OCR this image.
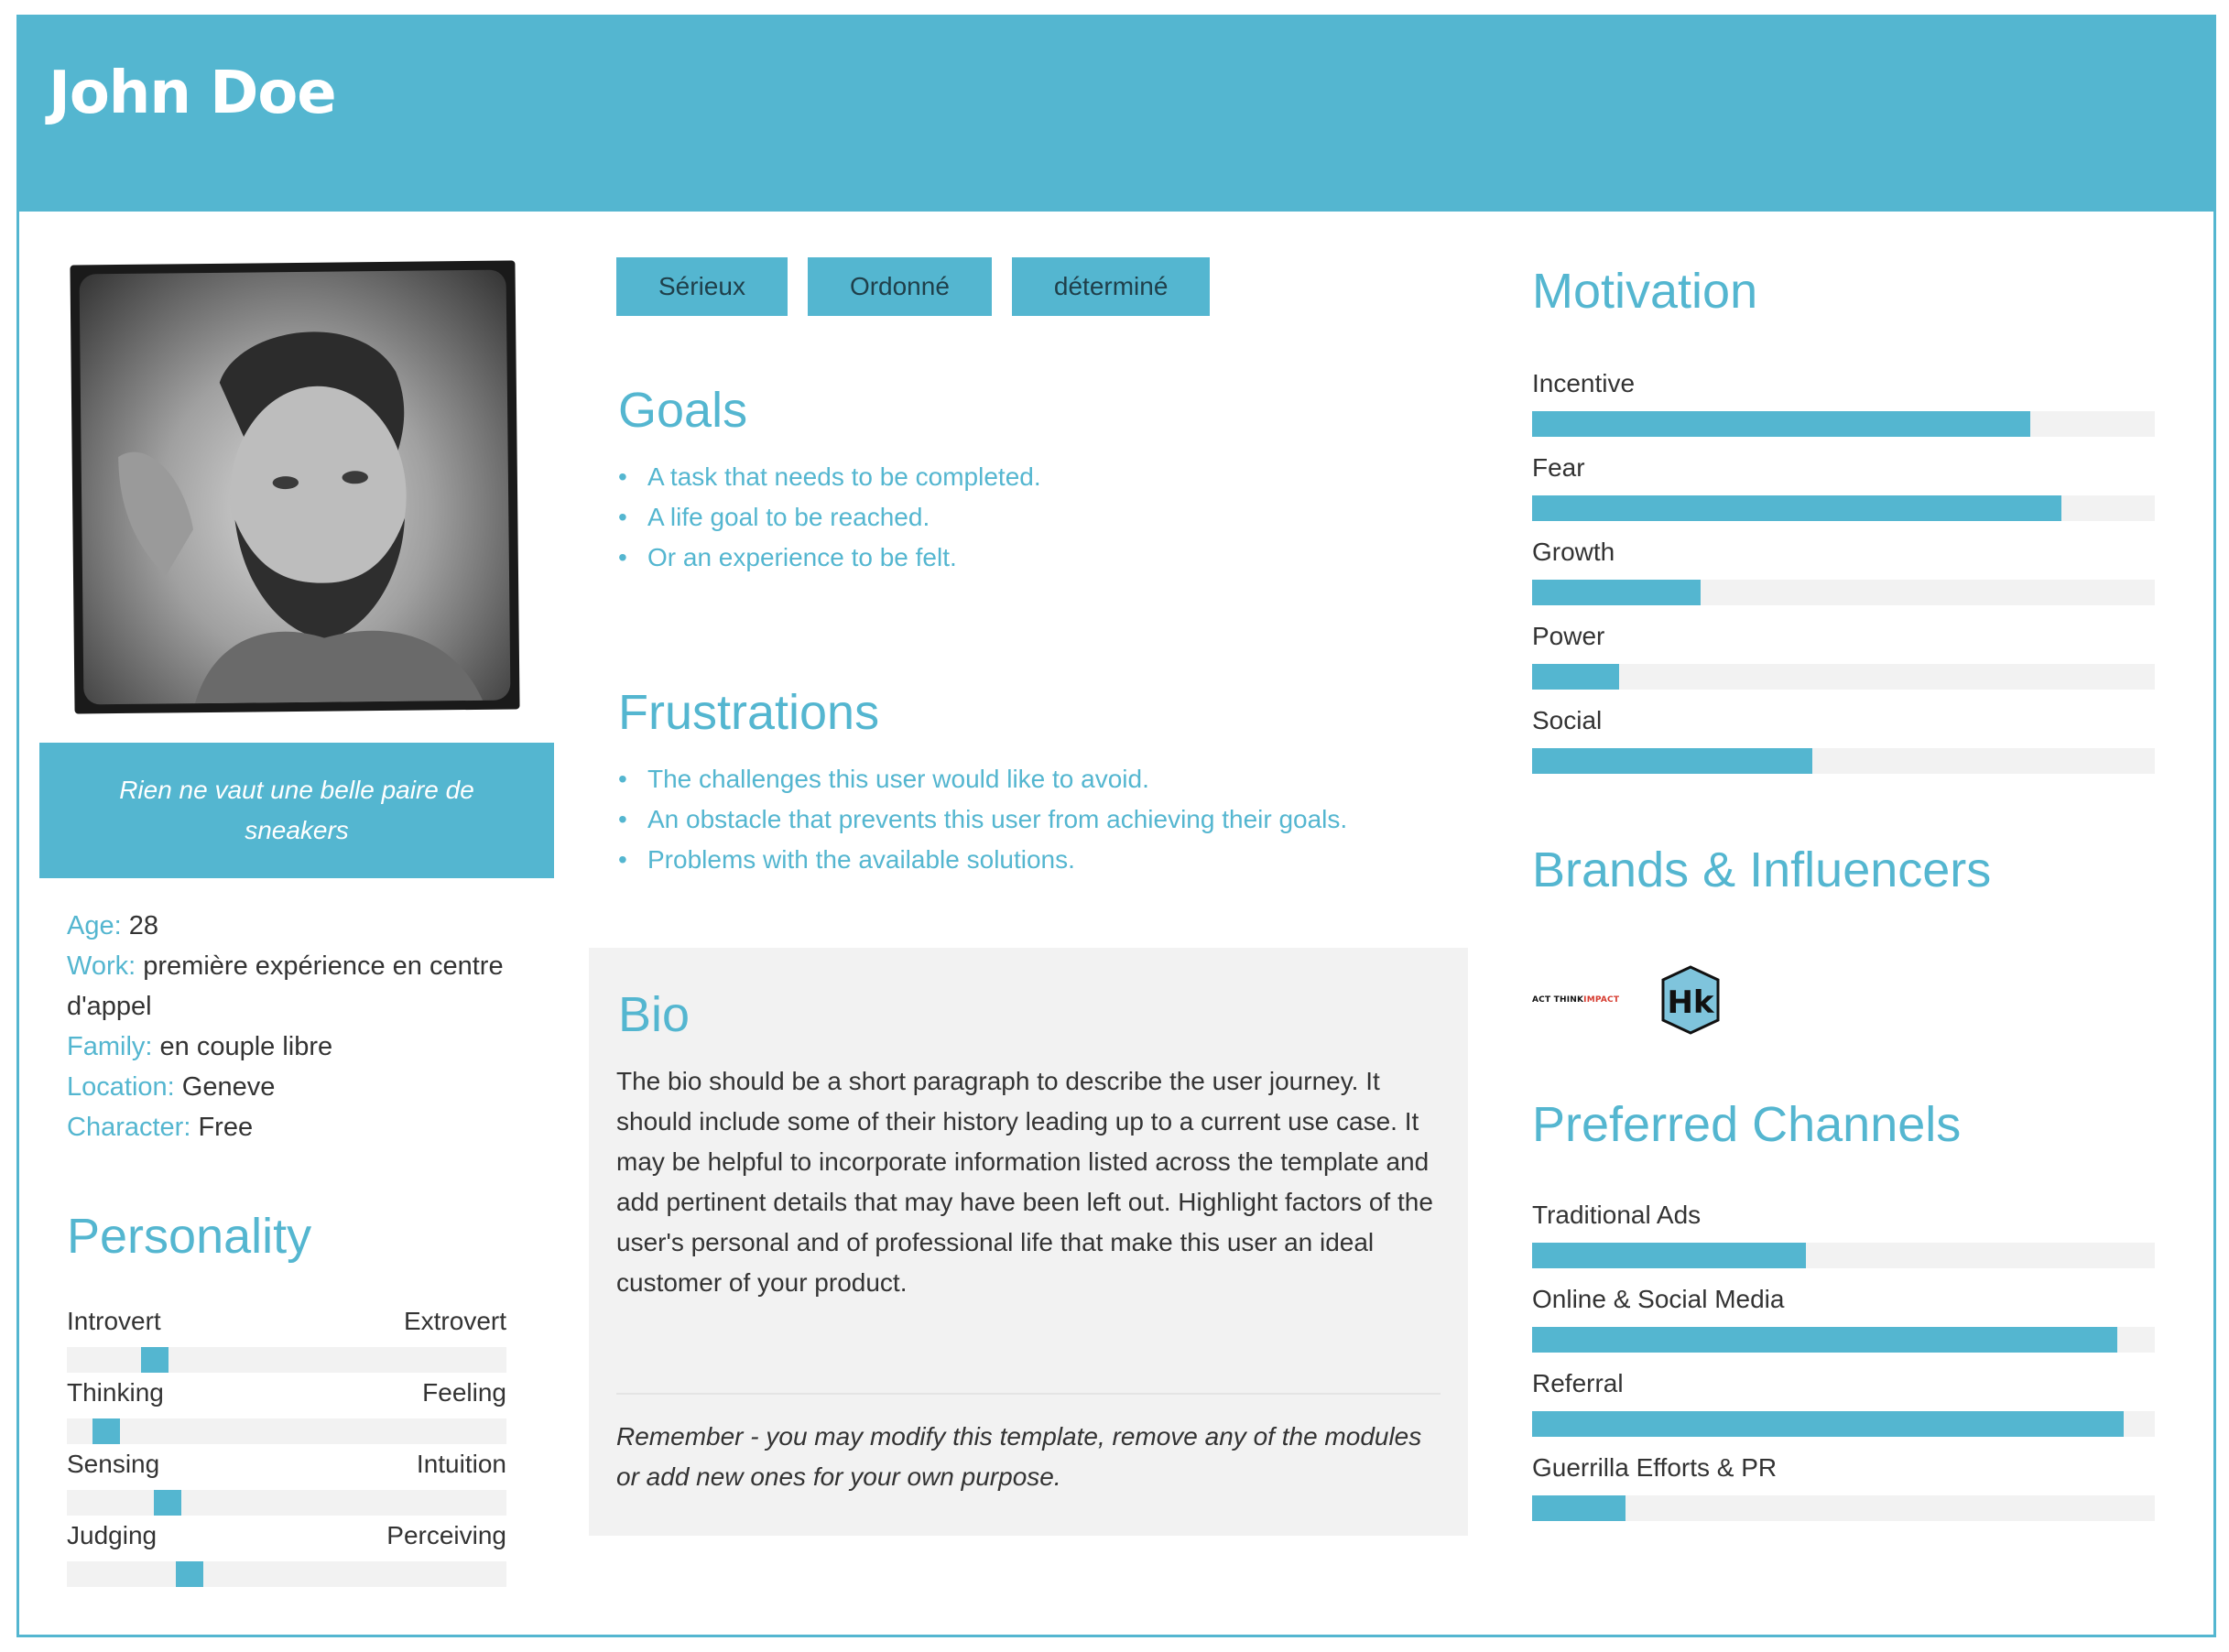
John Doe
Rien ne vaut une belle paire de sneakers
Age: 28
Work: première expérience en centre d'appel
Family: en couple libre
Location: Geneve
Character: Free
Personality
Introvert	Extrovert
Thinking	Feeling
Sensing	Intuition
Judging	Perceiving
Sérieux	Ordonné	déterminé
Goals
• A task that needs to be completed.
• A life goal to be reached.
• Or an experience to be felt.
Frustrations
• The challenges this user would like to avoid.
• An obstacle that prevents this user from achieving their goals.
• Problems with the available solutions.
Bio

The bio should be a short paragraph to describe the user journey. It should include some of their history leading up to a current use case. It may be helpful to incorporate information listed across the template and add pertinent details that may have been left out. Highlight factors of the user's personal and of professional life that make this user an ideal customer of your product.

Remember - you may modify this template, remove any of the modules or add new ones for your own purpose.

Motivation
Incentive
Fear
Growth
Power
Social
Brands & Influencers
ACT THINKIMPACT Hk
Preferred Channels
Traditional Ads
Online & Social Media
Referral
Guerrilla Efforts & PR
